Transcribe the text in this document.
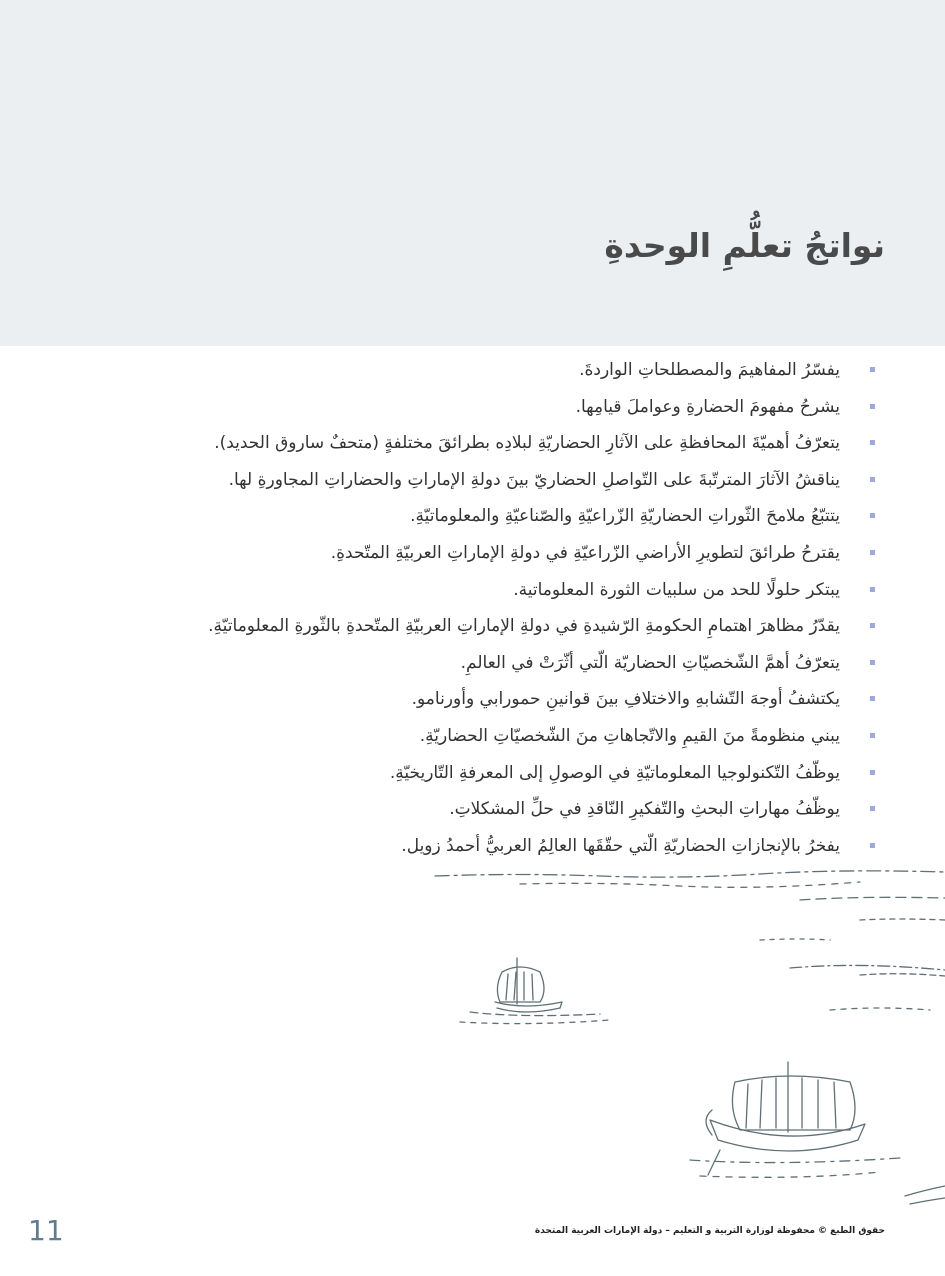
نواتجُ تعلُّمِ الوحدةِ
يفسّرُ المفاهيمَ والمصطلحاتِ الواردةَ.
يشرحُ مفهومَ الحضارةِ وعواملَ قيامِها.
يتعرّفُ أهميّةَ المحافظةِ على الآثارِ الحضاريّةِ لبلادِه بطرائقَ مختلفةٍ (متحفٌ ساروق الحديد).
يناقشُ الآثارَ المترتّبةَ على التّواصلِ الحضاريّ بينَ دولةِ الإماراتِ والحضاراتِ المجاورةِ لها.
يتتبّعُ ملامحَ الثّوراتِ الحضاريّةِ الزّراعيّةِ والصّناعيّةِ والمعلوماتيّةِ.
يقترحُ طرائقَ لتطويرِ الأراضي الزّراعيّةِ في دولةِ الإماراتِ العربيّةِ المتّحدةِ.
يبتكر حلولًا للحد من سلبيات الثورة المعلوماتية.
يقدّرُ مظاهرَ اهتمامِ الحكومةِ الرّشيدةِ في دولةِ الإماراتِ العربيّةِ المتّحدةِ بالثّورةِ المعلوماتيّةِ.
يتعرّفُ أهمَّ الشّخصيّاتِ الحضاريّة الّتي أثّرَتْ في العالمِ.
يكتشفُ أوجهَ التّشابهِ والاختلافِ بينَ قوانينِ حمورابي وأورنامو.
يبني منظومةً منَ القيمِ والاتّجاهاتِ منَ الشّخصيّاتِ الحضاريّةِ.
يوظّفُ التّكنولوجيا المعلوماتيّةِ في الوصولِ إلى المعرفةِ التّاريخيّةِ.
يوظّفُ مهاراتِ البحثِ والتّفكيرِ النّاقدِ في حلِّ المشكلاتِ.
يفخرُ بالإنجازاتِ الحضاريّةِ الّتي حقّقَها العالِمُ العربيُّ أحمدُ زويل.
حقوق الطبع © محفوظة لوزارة التربية و التعليم – دولة الإمارات العربية المتحدة
11
